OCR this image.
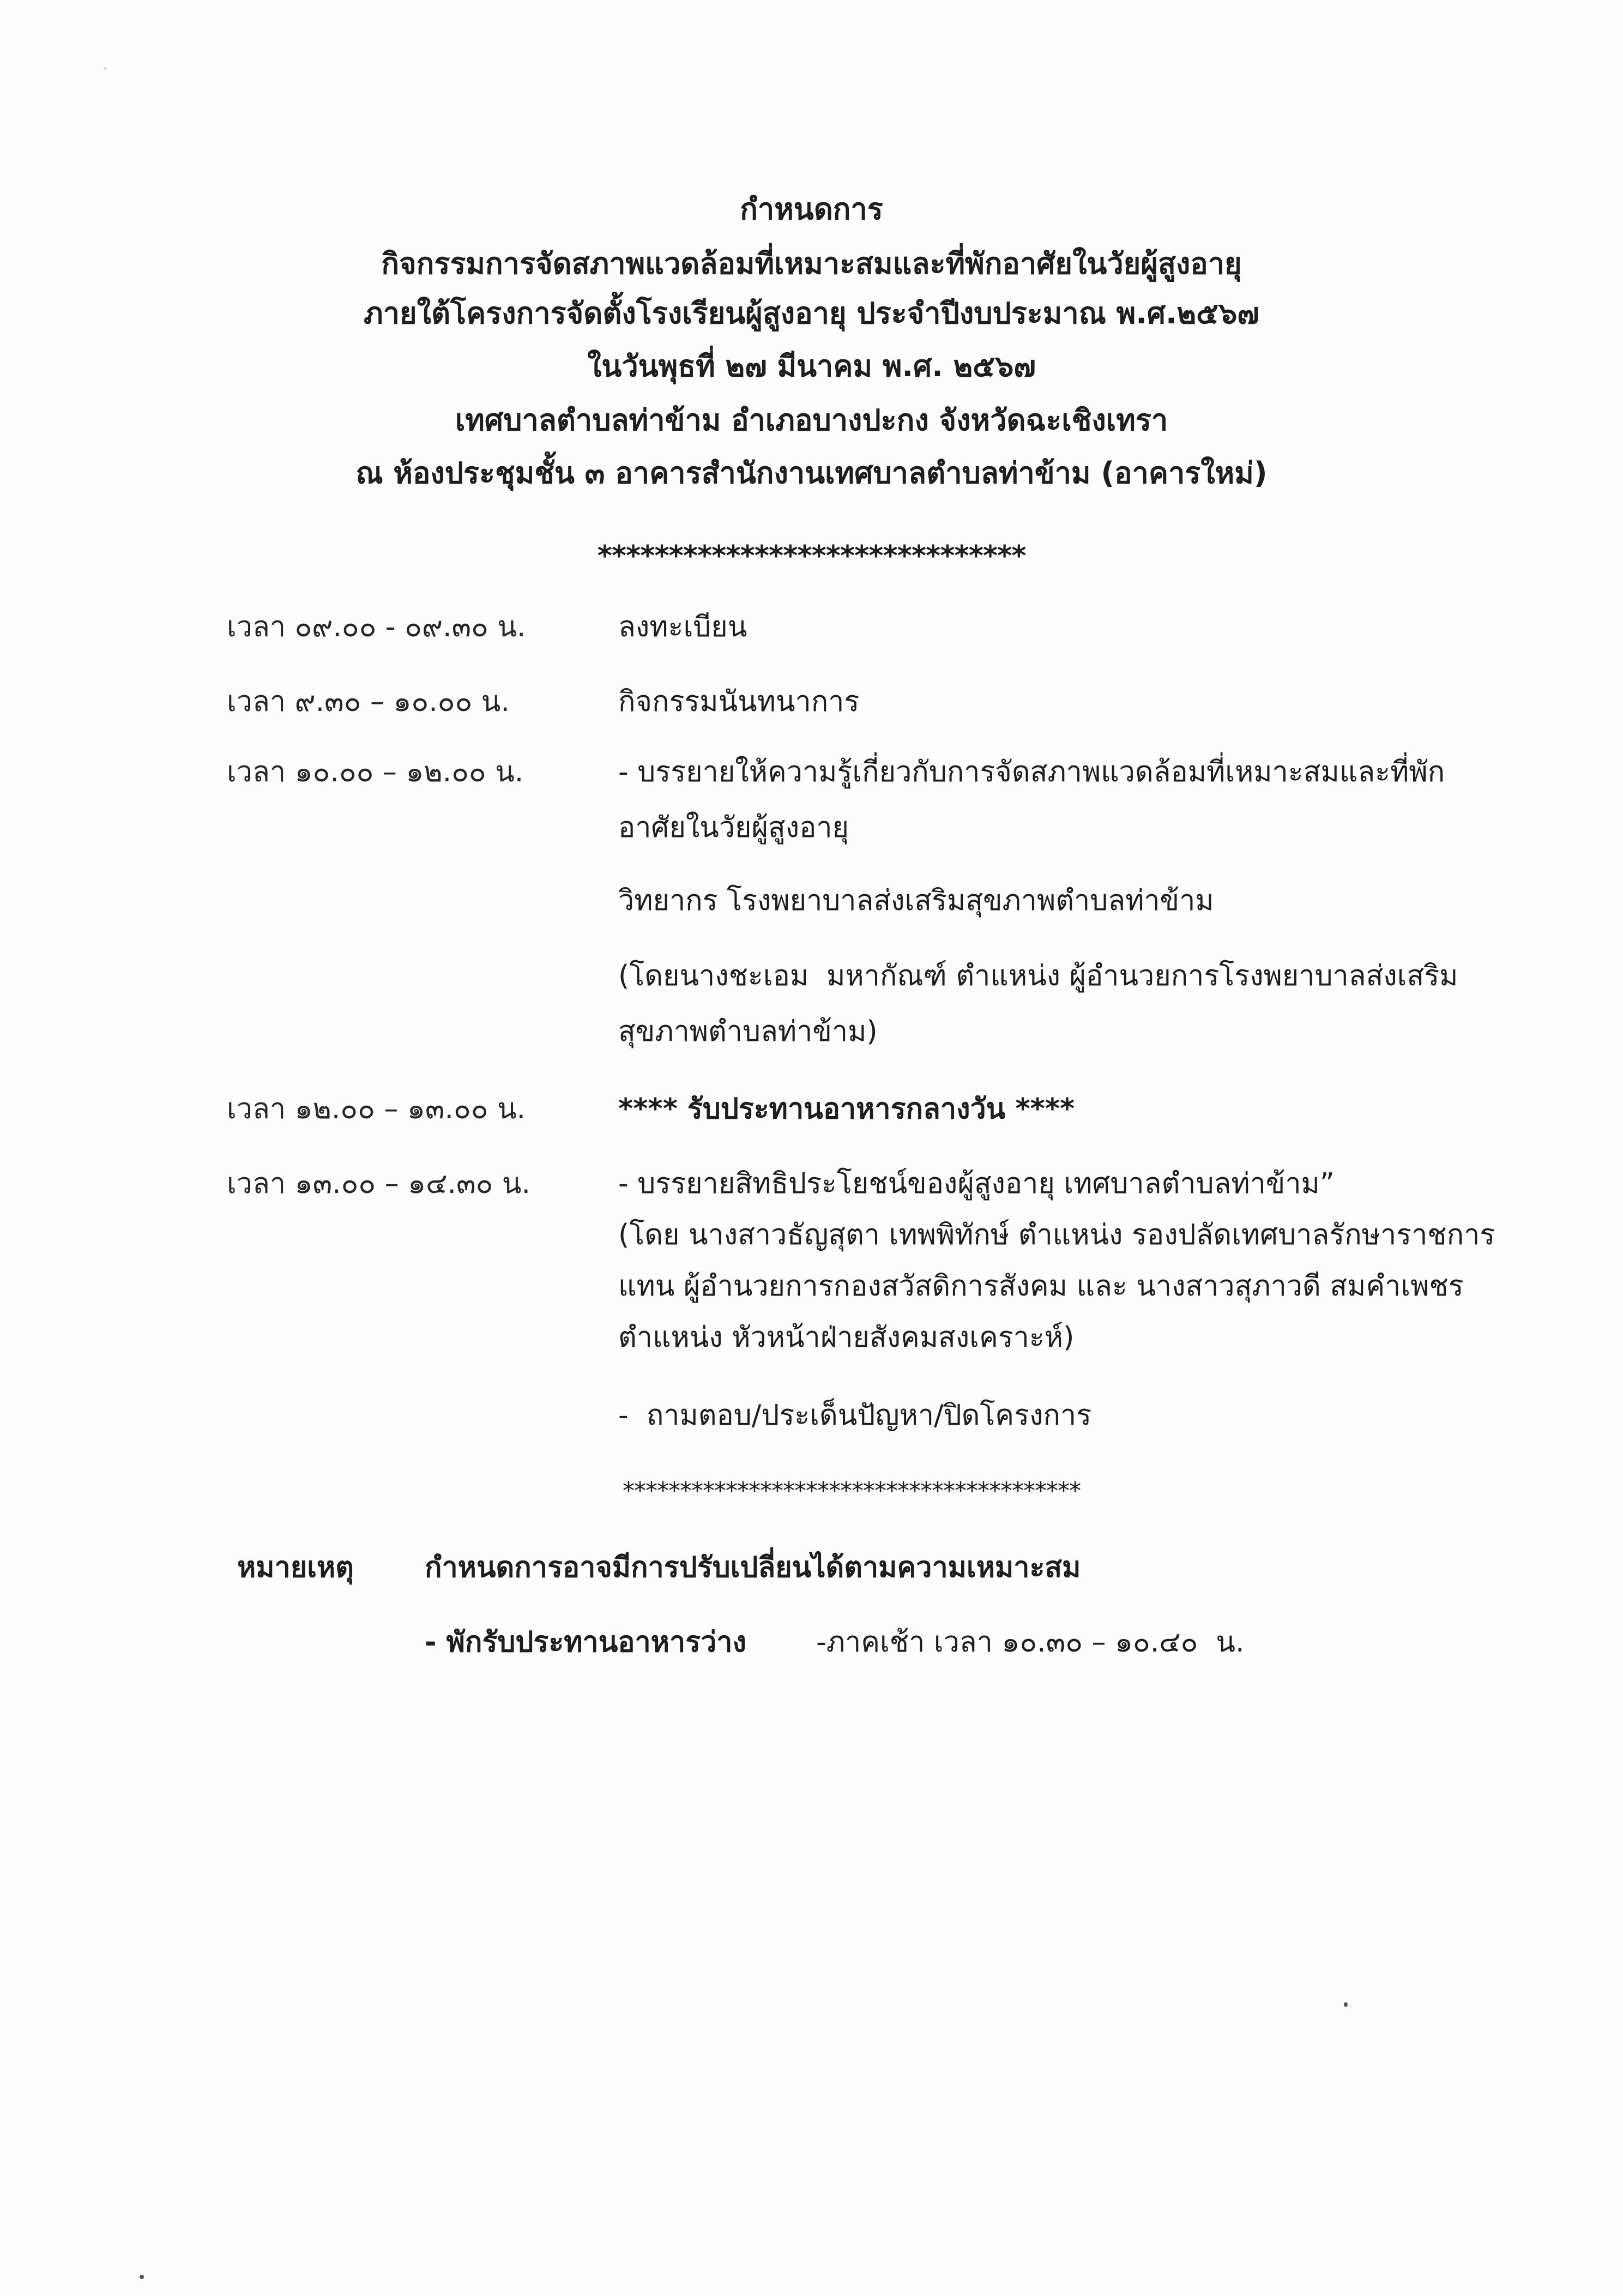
กำหนดการ
กิจกรรมการจัดสภาพแวดล้อมที่เหมาะสมและที่พักอาศัยในวัยผู้สูงอายุ
ภายใต้โครงการจัดตั้งโรงเรียนผู้สูงอายุ ประจำปีงบประมาณ พ.ศ.๒๕๖๗
ในวันพุธที่ ๒๗ มีนาคม พ.ศ. ๒๕๖๗
เทศบาลตำบลท่าข้าม อำเภอบางปะกง จังหวัดฉะเชิงเทรา
ณ ห้องประชุมชั้น ๓ อาคารสำนักงานเทศบาลตำบลท่าข้าม (อาคารใหม่)
******************************
เวลา ๐๙.๐๐ - ๐๙.๓๐ น.	ลงทะเบียน
เวลา ๙.๓๐ – ๑๐.๐๐ น.	กิจกรรมนันทนาการ
เวลา ๑๐.๐๐ – ๑๒.๐๐ น.	- บรรยายให้ความรู้เกี่ยวกับการจัดสภาพแวดล้อมที่เหมาะสมและที่พัก
อาศัยในวัยผู้สูงอายุ
วิทยากร โรงพยาบาลส่งเสริมสุขภาพตำบลท่าข้าม
(โดยนางชะเอม  มหากัณฑ์ ตำแหน่ง ผู้อำนวยการโรงพยาบาลส่งเสริม
สุขภาพตำบลท่าข้าม)
เวลา ๑๒.๐๐ – ๑๓.๐๐ น.	**** รับประทานอาหารกลางวัน ****
เวลา ๑๓.๐๐ – ๑๔.๓๐ น.	- บรรยายสิทธิประโยชน์ของผู้สูงอายุ เทศบาลตำบลท่าข้าม”
(โดย นางสาวธัญสุตา เทพพิทักษ์ ตำแหน่ง รองปลัดเทศบาลรักษาราชการ
แทน ผู้อำนวยการกองสวัสดิการสังคม และ นางสาวสุภาวดี สมคำเพชร
ตำแหน่ง หัวหน้าฝ่ายสังคมสงเคราะห์)
-  ถามตอบ/ประเด็นปัญหา/ปิดโครงการ
****************************************
หมายเหตุ กำหนดการอาจมีการปรับเปลี่ยนได้ตามความเหมาะสม
- พักรับประทานอาหารว่าง -ภาคเช้า เวลา ๑๐.๓๐ – ๑๐.๔๐  น.
